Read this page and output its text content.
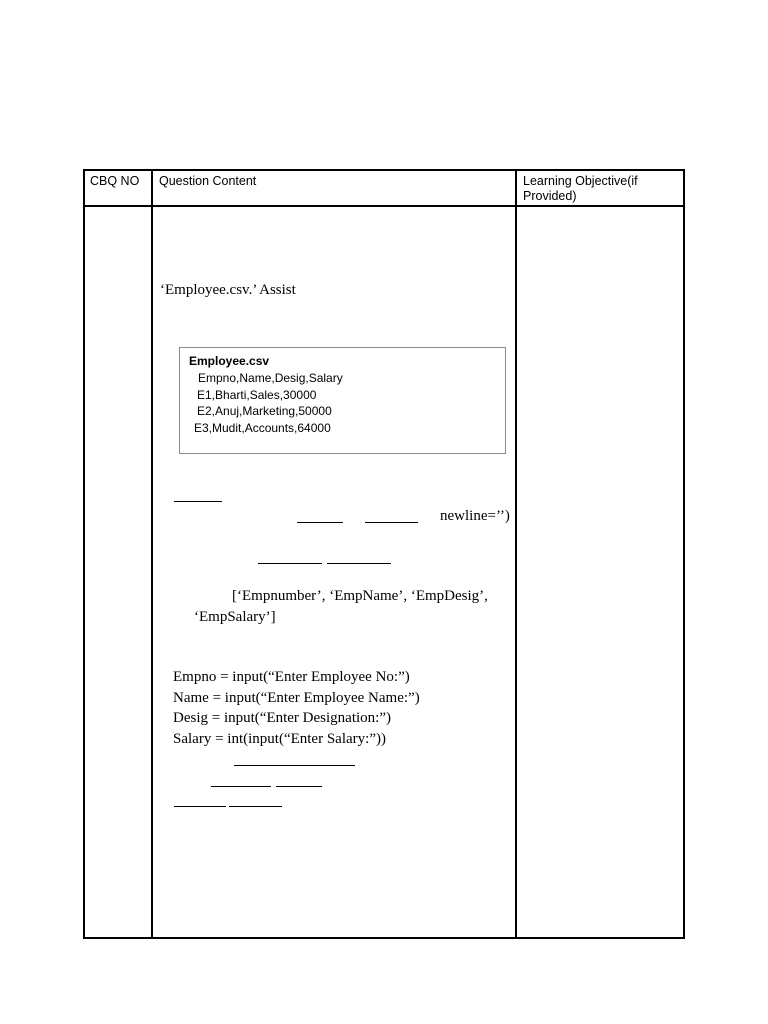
CBQ NO Question Content	Learning Objective(if
Provided)
‘Employee.csv.’ Assist
Employee.csv
Empno,Name,Desig,Salary
E1,Bharti,Sales,30000
E2,Anuj,Marketing,50000
E3,Mudit,Accounts,64000
newline=’’)
[‘Empnumber’, ‘EmpName’, ‘EmpDesig’,
‘EmpSalary’]
Empno = input(“Enter Employee No:”)
Name = input(“Enter Employee Name:”)
Desig = input(“Enter Designation:”)
Salary = int(input(“Enter Salary:”))
